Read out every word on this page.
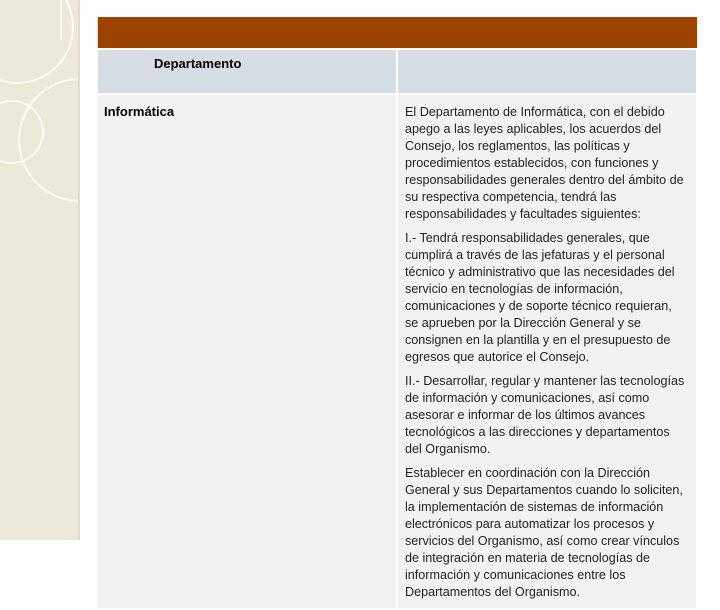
Departamento	
Informática	El Departamento de Informática, con el debido apego a las leyes aplicables, los acuerdos del Consejo, los reglamentos, las políticas y procedimientos establecidos, con funciones y responsabilidades generales dentro del ámbito de su respectiva competencia, tendrá las responsabilidades y facultades siguientes:

I.- Tendrá responsabilidades generales, que cumplirá a través de las jefaturas y el personal técnico y administrativo que las necesidades del servicio en tecnologías de información, comunicaciones y de soporte técnico requieran, se aprueben por la Dirección General y se consignen en la plantilla y en el presupuesto de egresos que autorice el Consejo.

II.- Desarrollar, regular y mantener las tecnologías de información y comunicaciones, así como asesorar e informar de los últimos avances tecnológicos a las direcciones y departamentos del Organismo.

Establecer en coordinación con la Dirección General y sus Departamentos cuando lo soliciten, la implementación de sistemas de información electrónicos para automatizar los procesos y servicios del Organismo, así como crear vínculos de integración en materia de tecnologías de información y comunicaciones entre los Departamentos del Organismo.
